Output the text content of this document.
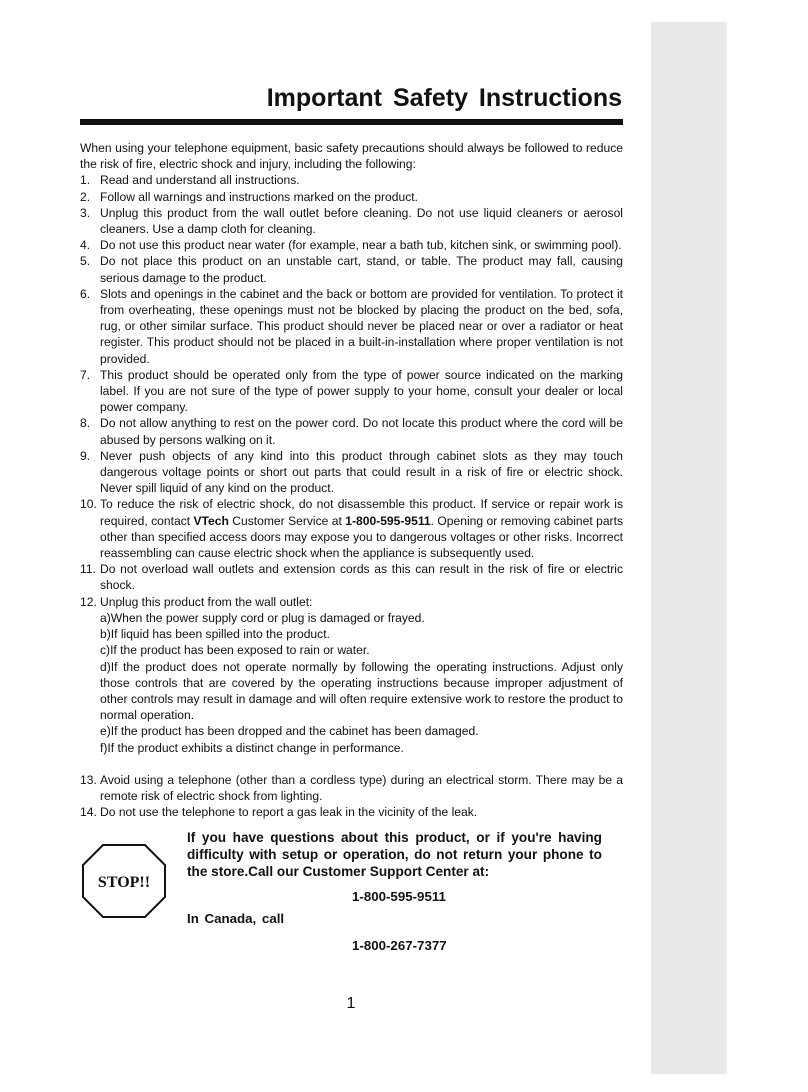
Important Safety Instructions

When using your telephone equipment, basic safety precautions should always be followed to reduce the risk of fire, electric shock and injury, including the following:

1. Read and understand all instructions.
2. Follow all warnings and instructions marked on the product.
3. Unplug this product from the wall outlet before cleaning. Do not use liquid cleaners or aerosol cleaners. Use a damp cloth for cleaning.
4. Do not use this product near water (for example, near a bath tub, kitchen sink, or swimming pool).
5. Do not place this product on an unstable cart, stand, or table. The product may fall, causing serious damage to the product.
6. Slots and openings in the cabinet and the back or bottom are provided for ventilation. To protect it from overheating, these openings must not be blocked by placing the product on the bed, sofa, rug, or other similar surface. This product should never be placed near or over a radiator or heat register. This product should not be placed in a built-in-installation where proper ventilation is not provided.
7. This product should be operated only from the type of power source indicated on the marking label. If you are not sure of the type of power supply to your home, consult your dealer or local power company.
8. Do not allow anything to rest on the power cord. Do not locate this product where the cord will be abused by persons walking on it.
9. Never push objects of any kind into this product through cabinet slots as they may touch dangerous voltage points or short out parts that could result in a risk of fire or electric shock. Never spill liquid of any kind on the product.
10. To reduce the risk of electric shock, do not disassemble this product. If service or repair work is required, contact VTech Customer Service at 1-800-595-9511. Opening or removing cabinet parts other than specified access doors may expose you to dangerous voltages or other risks. Incorrect reassembling can cause electric shock when the appliance is subsequently used.
11. Do not overload wall outlets and extension cords as this can result in the risk of fire or electric shock.
12. Unplug this product from the wall outlet:

a)When the power supply cord or plug is damaged or frayed.

b)If liquid has been spilled into the product.

c)If the product has been exposed to rain or water.

d)If the product does not operate normally by following the operating instructions. Adjust only those controls that are covered by the operating instructions because improper adjustment of other controls may result in damage and will often require extensive work to restore the product to normal operation.

e)If the product has been dropped and the cabinet has been damaged.

f)If the product exhibits a distinct change in performance.

13. Avoid using a telephone (other than a cordless type) during an electrical storm. There may be a remote risk of electric shock from lighting.
14. Do not use the telephone to report a gas leak in the vicinity of the leak.
STOP!!
If you have questions about this product, or if you're having difficulty with setup or operation, do not return your phone to the store.Call our Customer Support Center at:
1-800-595-9511
In Canada, call
1-800-267-7377
1
